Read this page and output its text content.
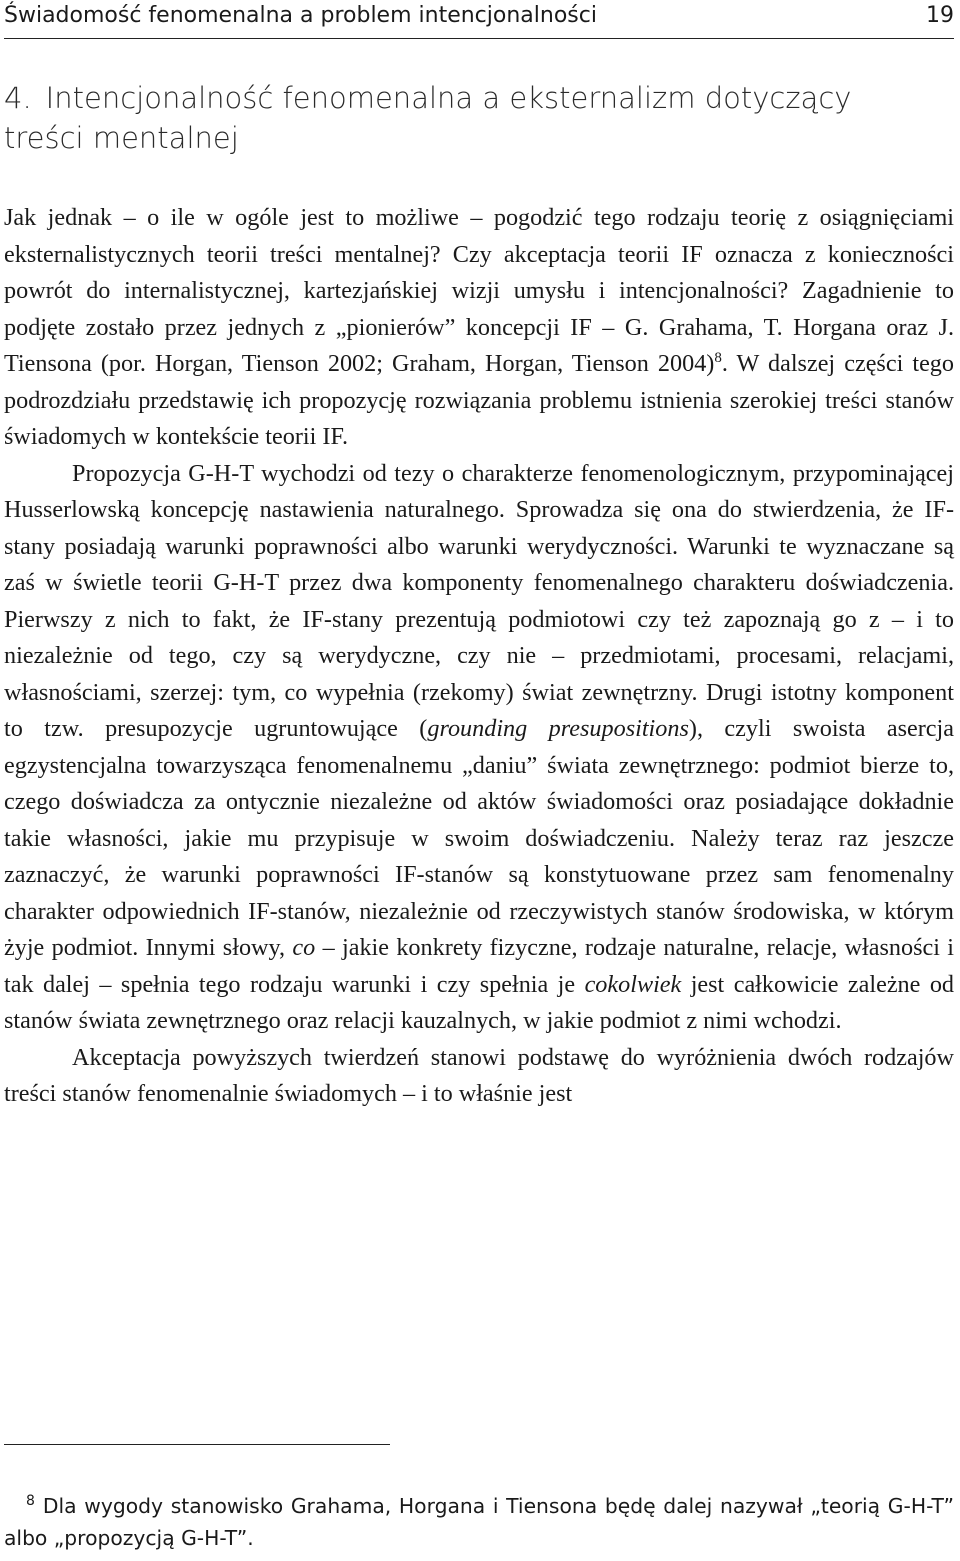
Świadomość fenomenalna a problem intencjonalności	19
4. Intencjonalność fenomenalna a eksternalizm dotyczący treści mentalnej

Jak jednak – o ile w ogóle jest to możliwe – pogodzić tego rodzaju teorię z osiągnięciami eksternalistycznych teorii treści mentalnej? Czy akceptacja teorii IF oznacza z konieczności powrót do internalistycznej, kartezjańskiej wizji umysłu i intencjonalności? Zagadnienie to podjęte zostało przez jednych z „pionierów” koncepcji IF – G. Grahama, T. Horgana oraz J. Tiensona (por. Horgan, Tienson 2002; Graham, Horgan, Tienson 2004)$^8$. W dalszej części tego podrozdziału przedstawię ich propozycję rozwiązania problemu istnienia szerokiej treści stanów świadomych w kontekście teorii IF.

Propozycja G-H-T wychodzi od tezy o charakterze fenomenologicznym, przypominającej Husserlowską koncepcję nastawienia naturalnego. Sprowadza się ona do stwierdzenia, że IF-stany posiadają warunki poprawności albo warunki werydyczności. Warunki te wyznaczane są zaś w świetle teorii G-H-T przez dwa komponenty fenomenalnego charakteru doświadczenia. Pierwszy z nich to fakt, że IF-stany prezentują podmiotowi czy też zapoznają go z – i to niezależnie od tego, czy są werydyczne, czy nie – przedmiotami, procesami, relacjami, własnościami, szerzej: tym, co wypełnia (rzekomy) świat zewnętrzny. Drugi istotny komponent to tzw. presupozycje ugruntowujące (grounding presupositions), czyli swoista asercja egzystencjalna towarzysząca fenomenalnemu „daniu” świata zewnętrznego: podmiot bierze to, czego doświadcza za ontycznie niezależne od aktów świadomości oraz posiadające dokładnie takie własności, jakie mu przypisuje w swoim doświadczeniu. Należy teraz raz jeszcze zaznaczyć, że warunki poprawności IF-stanów są konstytuowane przez sam fenomenalny charakter odpowiednich IF-stanów, niezależnie od rzeczywistych stanów środowiska, w którym żyje podmiot. Innymi słowy, co – jakie konkrety fizyczne, rodzaje naturalne, relacje, własności i tak dalej – spełnia tego rodzaju warunki i czy spełnia je cokolwiek jest całkowicie zależne od stanów świata zewnętrznego oraz relacji kauzalnych, w jakie podmiot z nimi wchodzi.

Akceptacja powyższych twierdzeń stanowi podstawę do wyróżnienia dwóch rodzajów treści stanów fenomenalnie świadomych – i to właśnie jest

$^8$ Dla wygody stanowisko Grahama, Horgana i Tiensona będę dalej nazywał „teorią G-H-T” albo „propozycją G-H-T”.
